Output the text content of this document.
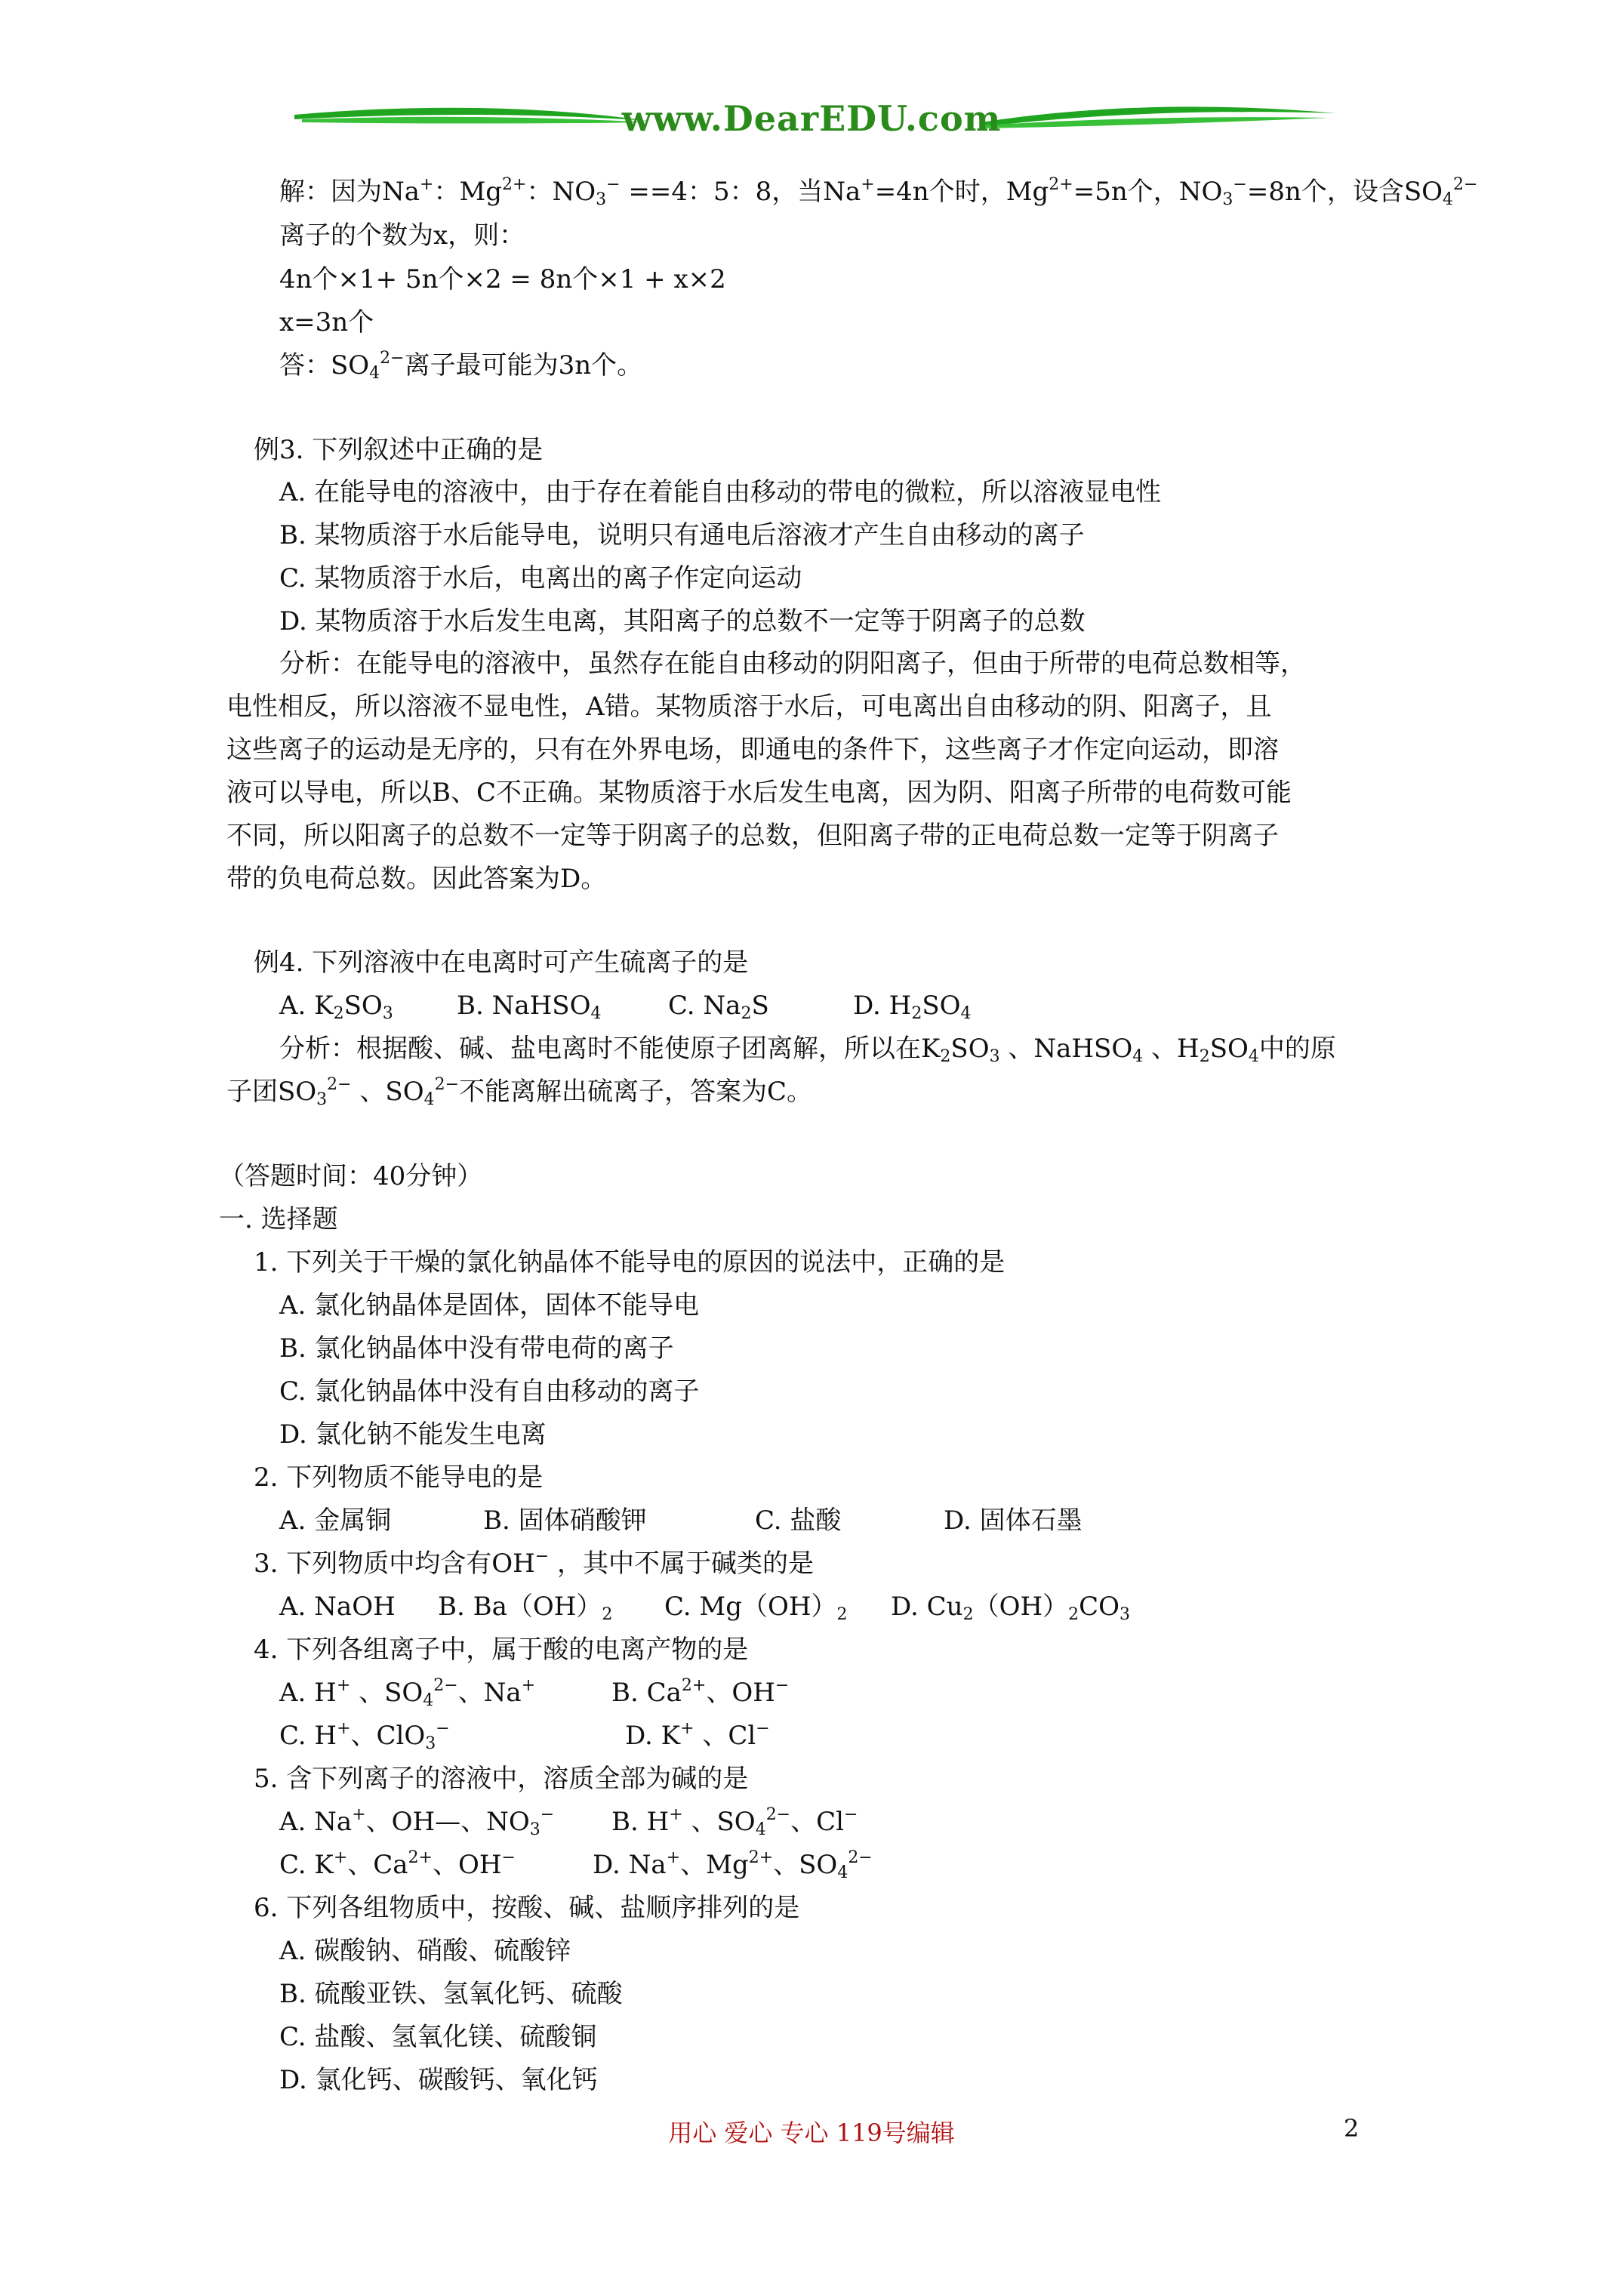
www.DearEDU.com
解：因为Na+：$Mg^{2+}$：$NO_3^- ==4$：5：8，当Na+=4n个时，$Mg^{2+}=5n$个，$NO_3^-=8n$个，设含$SO_4^{2-}$
离子的个数为x，则：
4n个×1+ 5n个×2 = 8n个×1 + x×2
x=3n个
答：$SO_4^{2-}$离子最可能为3n个。
例3. 下列叙述中正确的是
A. 在能导电的溶液中，由于存在着能自由移动的带电的微粒，所以溶液显电性
B. 某物质溶于水后能导电，说明只有通电后溶液才产生自由移动的离子
C. 某物质溶于水后，电离出的离子作定向运动
D. 某物质溶于水后发生电离，其阳离子的总数不一定等于阴离子的总数
分析：在能导电的溶液中，虽然存在能自由移动的阴阳离子，但由于所带的电荷总数相等，
电性相反，所以溶液不显电性，A错。某物质溶于水后，可电离出自由移动的阴、阳离子，且
这些离子的运动是无序的，只有在外界电场，即通电的条件下，这些离子才作定向运动，即溶
液可以导电，所以B、C不正确。某物质溶于水后发生电离，因为阴、阳离子所带的电荷数可能
不同，所以阳离子的总数不一定等于阴离子的总数，但阳离子带的正电荷总数一定等于阴离子
带的负电荷总数。因此答案为D。
例4. 下列溶液中在电离时可产生硫离子的是
A. $K_2SO_3$ B. NaHSO$_4$	C. $Na_2S$	D. $H_2SO_4$
分析：根据酸、碱、盐电离时不能使原子团离解，所以在$K_2SO_3$ 、NaHSO$_4$ 、$H_2SO_4$中的原
子团$SO_3^{2-}$ 、$SO_4^{2-}$不能离解出硫离子，答案为C。
（答题时间：40分钟）
一. 选择题
1. 下列关于干燥的氯化钠晶体不能导电的原因的说法中，正确的是
A. 氯化钠晶体是固体，固体不能导电
B. 氯化钠晶体中没有带电荷的离子
C. 氯化钠晶体中没有自由移动的离子
D. 氯化钠不能发生电离
2. 下列物质不能导电的是
A. 金属铜	B. 固体硝酸钾	C. 盐酸	D. 固体石墨
3. 下列物质中均含有OH− ，其中不属于碱类的是
A. NaOH B. $Ba(OH)_2$ C. $Mg(OH)_2$ D. $Cu_2(OH)_2CO_3$
4. 下列各组离子中，属于酸的电离产物的是
A. H+ 、$SO_4^{2-}$、Na+	B. $Ca^{2+}$、OH−
C. H+、ClO$_3$−	D. K+ 、Cl−
5. 含下列离子的溶液中，溶质全部为碱的是
A. Na+、OH—、$NO_3^-$ B. H+ 、$SO_4^{2-}$、Cl−
C. K+、$Ca^{2+}$、OH−	D. Na+、$Mg^{2+}$、$SO_4^{2-}$
6. 下列各组物质中，按酸、碱、盐顺序排列的是
A. 碳酸钠、硝酸、硫酸锌
B. 硫酸亚铁、氢氧化钙、硫酸
C. 盐酸、氢氧化镁、硫酸铜
D. 氯化钙、碳酸钙、氧化钙
用心 爱心 专心 119号编辑	2
